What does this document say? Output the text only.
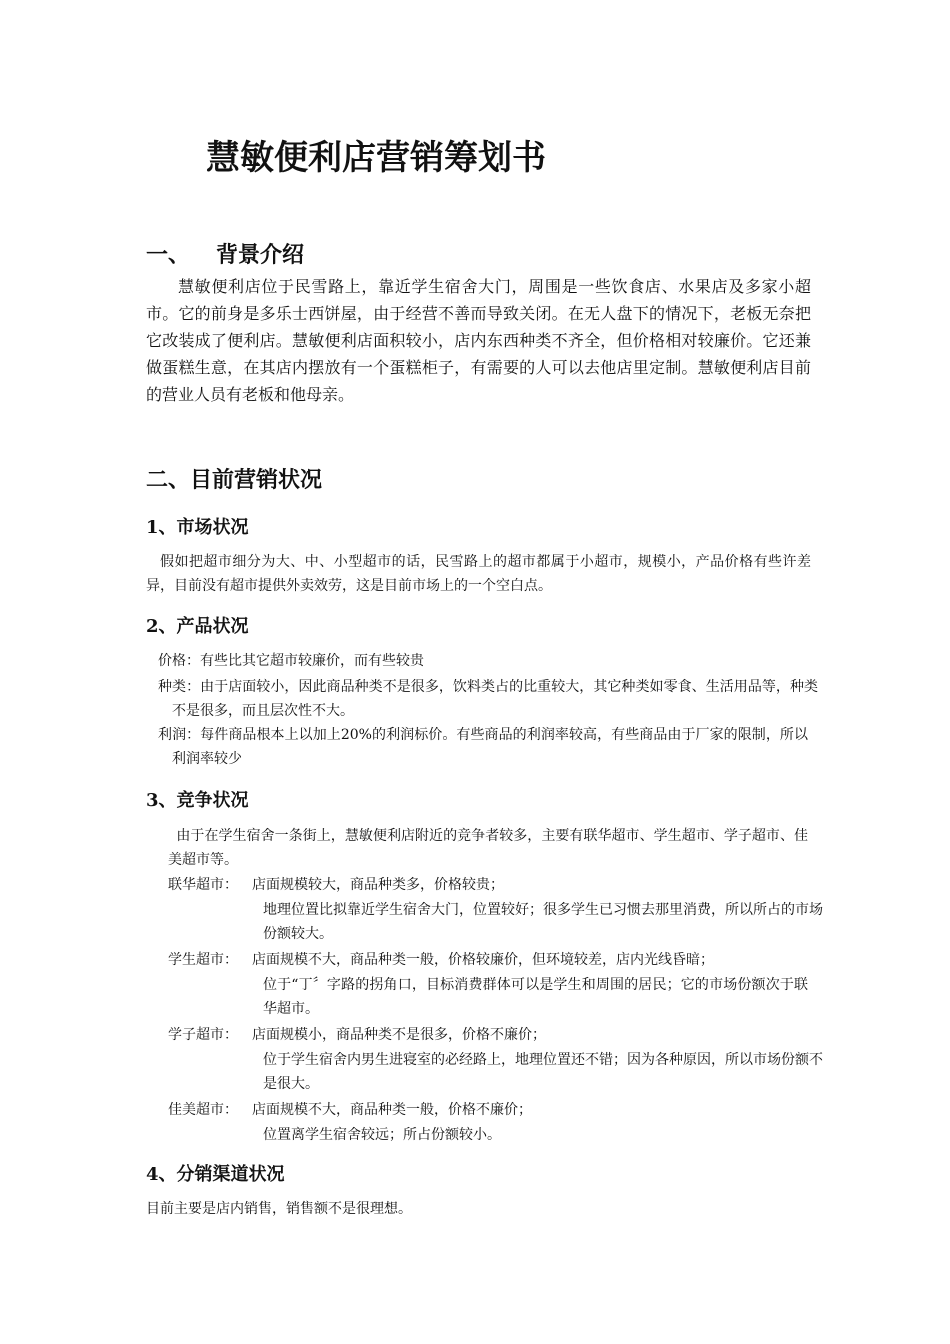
慧敏便利店营销筹划书
一、 背景介绍

慧敏便利店位于民雪路上，靠近学生宿舍大门，周围是一些饮食店、水果店及多家小超市。它的前身是多乐士西饼屋，由于经营不善而导致关闭。在无人盘下的情况下，老板无奈把它改装成了便利店。慧敏便利店面积较小，店内东西种类不齐全，但价格相对较廉价。它还兼做蛋糕生意，在其店内摆放有一个蛋糕柜子，有需要的人可以去他店里定制。慧敏便利店目前的营业人员有老板和他母亲。

二、目前营销状况
1、市场状况

假如把超市细分为大、中、小型超市的话，民雪路上的超市都属于小超市，规模小，产品价格有些许差异，目前没有超市提供外卖效劳，这是目前市场上的一个空白点。

2、产品状况

价格：有些比其它超市较廉价，而有些较贵

种类：由于店面较小，因此商品种类不是很多，饮料类占的比重较大，其它种类如零食、生活用品等，种类不是很多，而且层次性不大。

利润：每件商品根本上以加上20%的利润标价。有些商品的利润率较高，有些商品由于厂家的限制，所以利润率较少

3、竞争状况

由于在学生宿舍一条街上，慧敏便利店附近的竞争者较多，主要有联华超市、学生超市、学子超市、佳美超市等。

联华超市： 店面规模较大，商品种类多，价格较贵；

地理位置比拟靠近学生宿舍大门，位置较好；很多学生已习惯去那里消费，所以所占的市场份额较大。

学生超市： 店面规模不大，商品种类一般，价格较廉价，但环境较差，店内光线昏暗；

位于“丁〞字路的拐角口，目标消费群体可以是学生和周围的居民；它的市场份额次于联华超市。

学子超市： 店面规模小，商品种类不是很多，价格不廉价；

位于学生宿舍内男生进寝室的必经路上，地理位置还不错；因为各种原因，所以市场份额不是很大。

佳美超市： 店面规模不大，商品种类一般，价格不廉价；

位置离学生宿舍较远；所占份额较小。

4、分销渠道状况

目前主要是店内销售，销售额不是很理想。
